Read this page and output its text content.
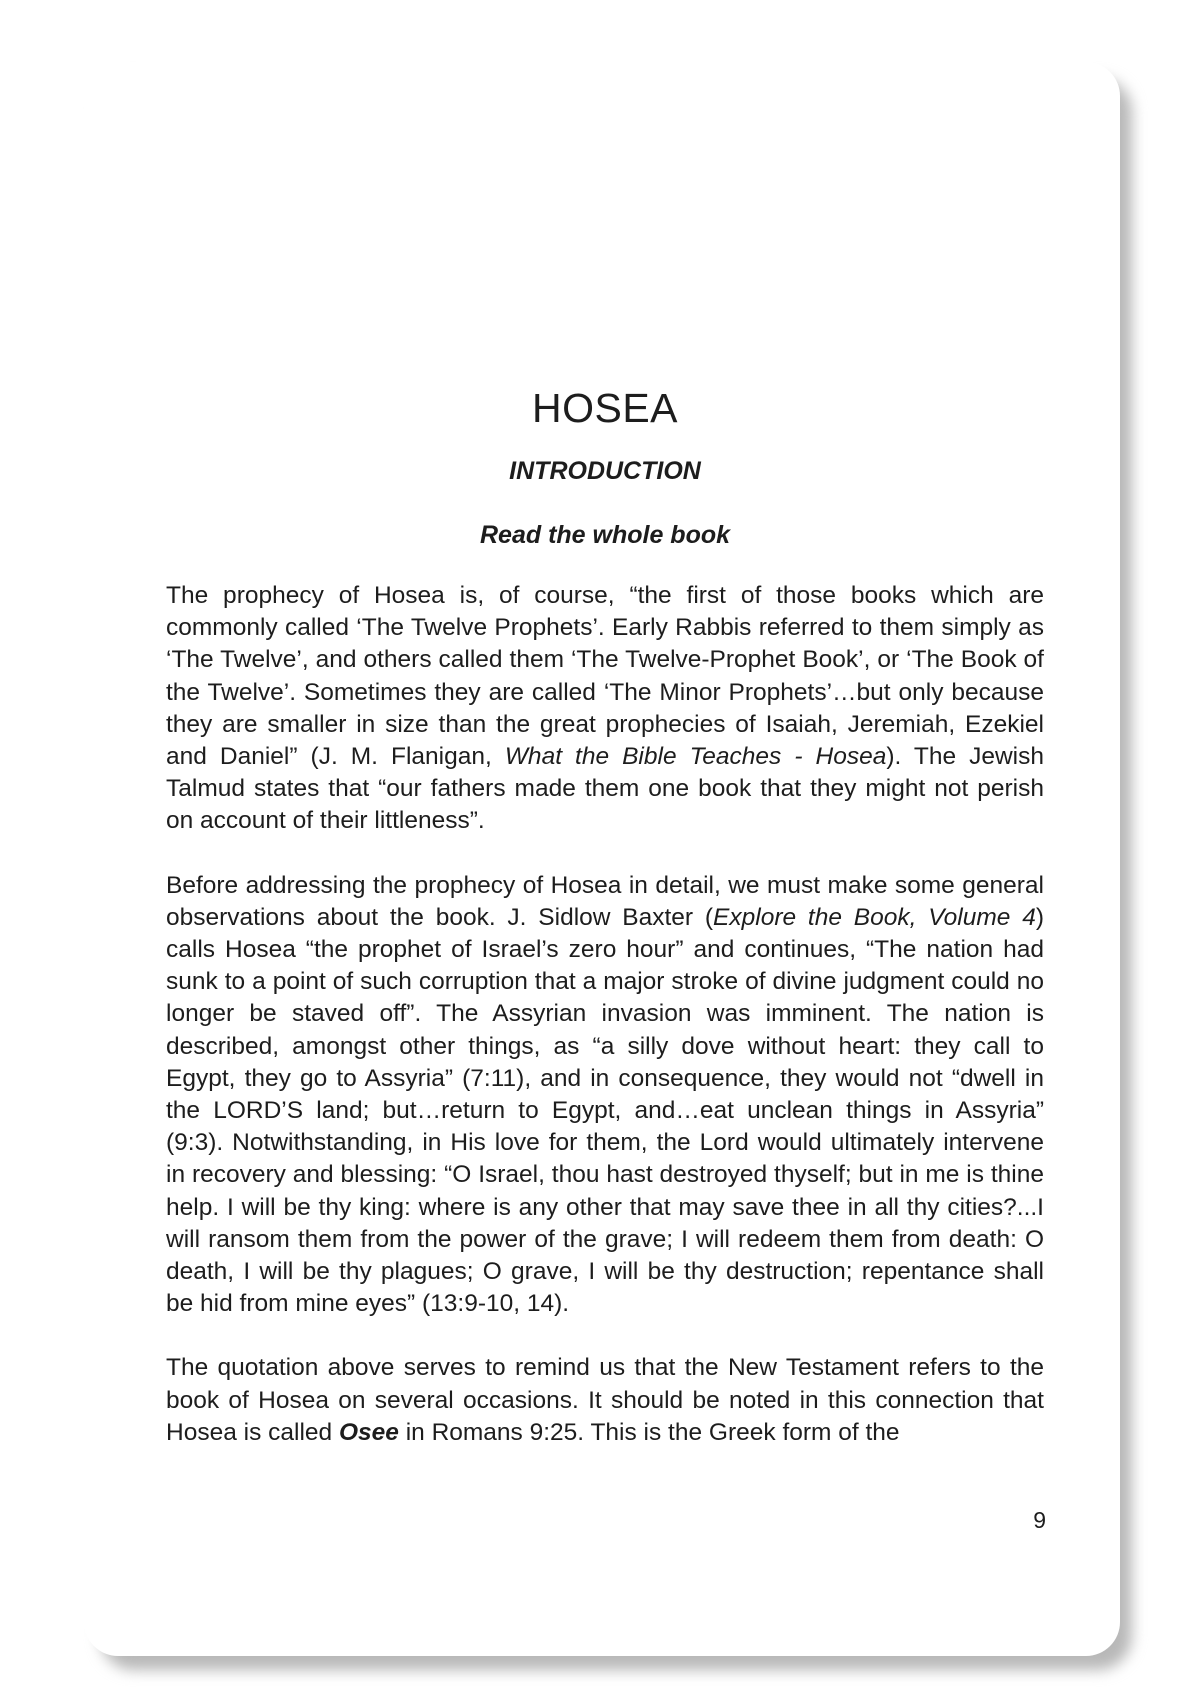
HOSEA
INTRODUCTION

Read the whole book

The prophecy of Hosea is, of course, “the first of those books which are commonly called ‘The Twelve Prophets’. Early Rabbis referred to them simply as ‘The Twelve’, and others called them ‘The Twelve-Prophet Book’, or ‘The Book of the Twelve’. Sometimes they are called ‘The Minor Prophets’…but only because they are smaller in size than the great prophecies of Isaiah, Jeremiah, Ezekiel and Daniel” (J. M. Flanigan, What the Bible Teaches - Hosea). The Jewish Talmud states that “our fathers made them one book that they might not perish on account of their littleness”.

Before addressing the prophecy of Hosea in detail, we must make some general observations about the book. J. Sidlow Baxter (Explore the Book, Volume 4) calls Hosea “the prophet of Israel’s zero hour” and continues, “The nation had sunk to a point of such corruption that a major stroke of divine judgment could no longer be staved off”. The Assyrian invasion was imminent. The nation is described, amongst other things, as “a silly dove without heart: they call to Egypt, they go to Assyria” (7:11), and in consequence, they would not “dwell in the LORD’S land; but…return to Egypt, and…eat unclean things in Assyria” (9:3). Notwithstanding, in His love for them, the Lord would ultimately intervene in recovery and blessing: “O Israel, thou hast destroyed thyself; but in me is thine help. I will be thy king: where is any other that may save thee in all thy cities?...I will ransom them from the power of the grave; I will redeem them from death: O death, I will be thy plagues; O grave, I will be thy destruction; repentance shall be hid from mine eyes” (13:9-10, 14).

The quotation above serves to remind us that the New Testament refers to the book of Hosea on several occasions. It should be noted in this connection that Hosea is called Osee in Romans 9:25. This is the Greek form of the

9
